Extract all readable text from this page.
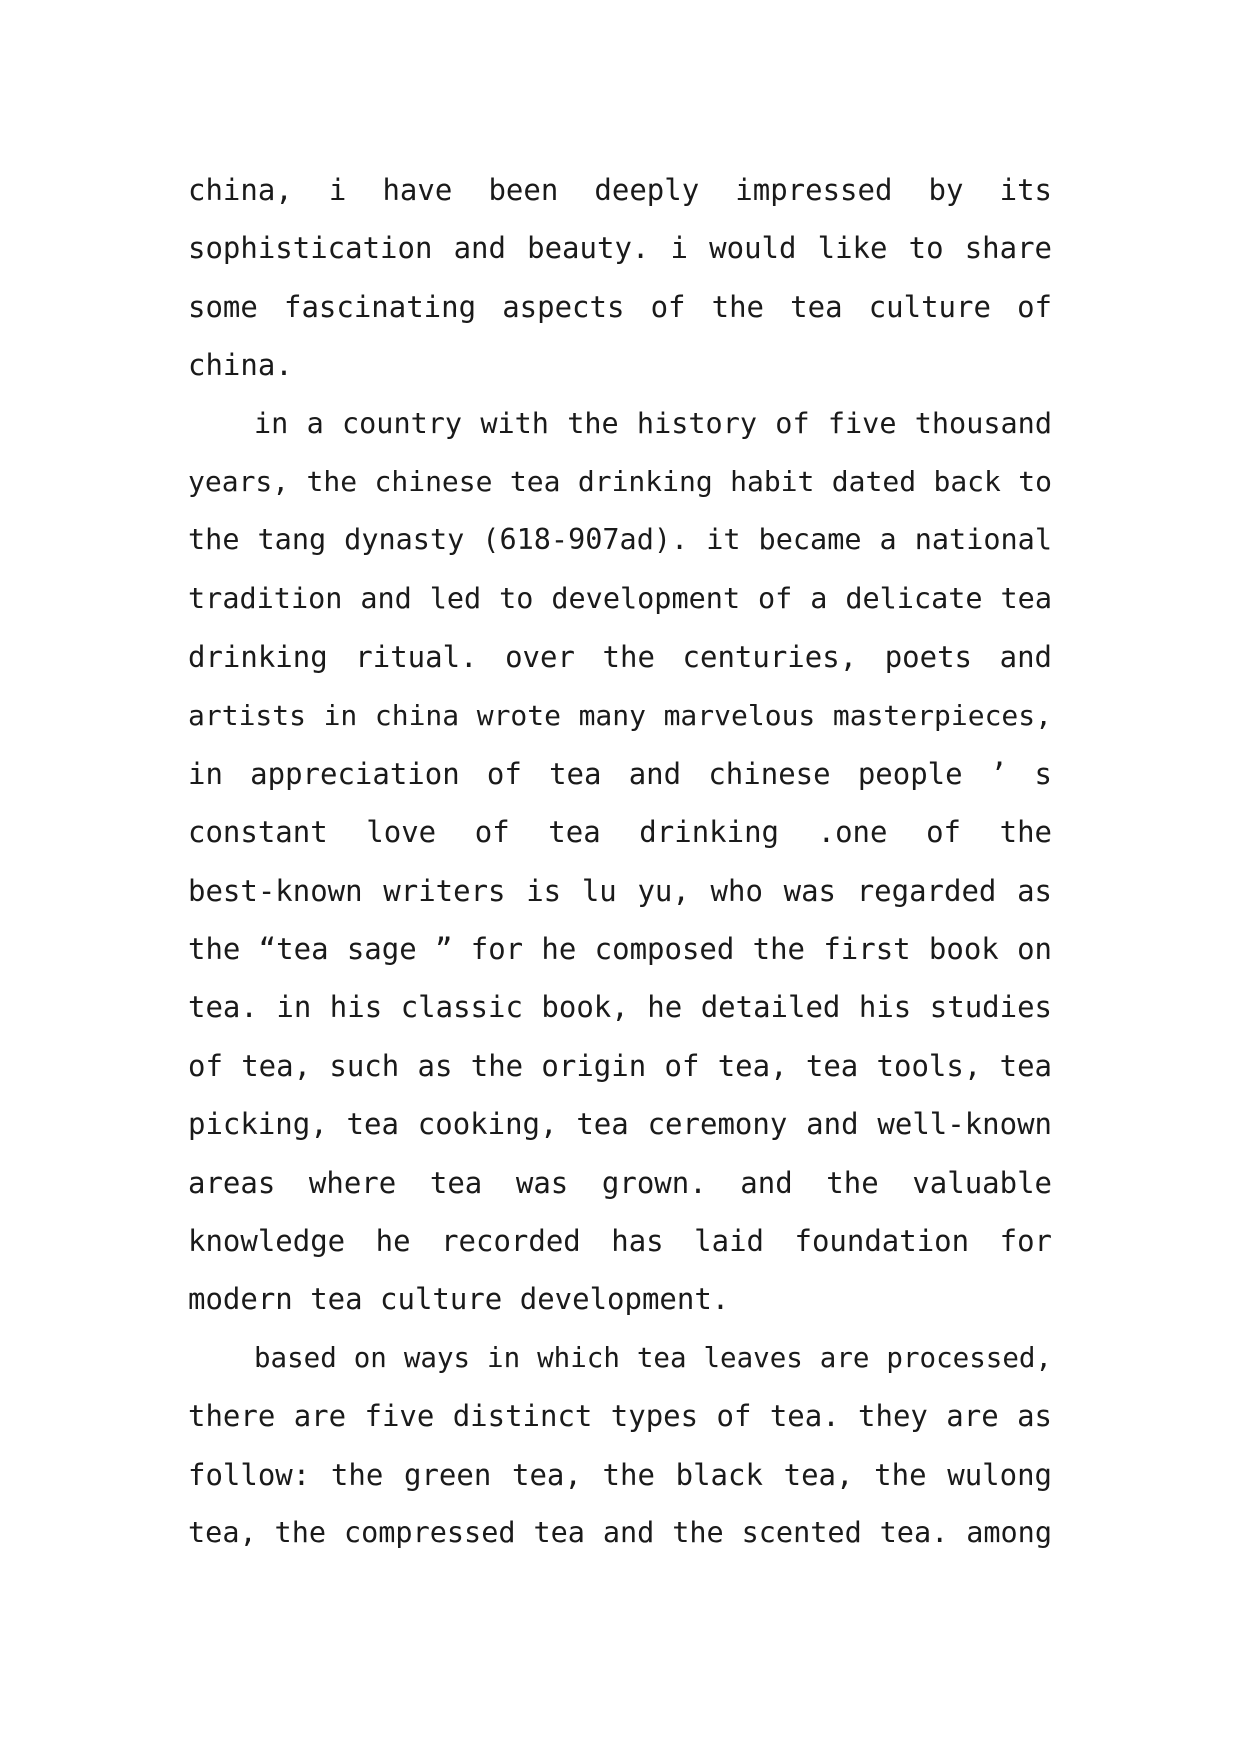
china, i have been deeply impressed by its
sophistication and beauty. i would like to share
some fascinating aspects of the tea culture of
china.
in a country with the history of five thousand
years, the chinese tea drinking habit dated back to
the tang dynasty (618-907ad). it became a national
tradition and led to development of a delicate tea
drinking ritual. over the centuries, poets and
artists in china wrote many marvelous masterpieces,
in appreciation of tea and chinese people ’ s
constant love of tea drinking .one of the
best-known writers is lu yu, who was regarded as
the “tea sage ” for he composed the first book on
tea. in his classic book, he detailed his studies
of tea, such as the origin of tea, tea tools, tea
picking, tea cooking, tea ceremony and well-known
areas where tea was grown. and the valuable
knowledge he recorded has laid foundation for
modern tea culture development.
based on ways in which tea leaves are processed,
there are five distinct types of tea. they are as
follow: the green tea, the black tea, the wulong
tea, the compressed tea and the scented tea. among
